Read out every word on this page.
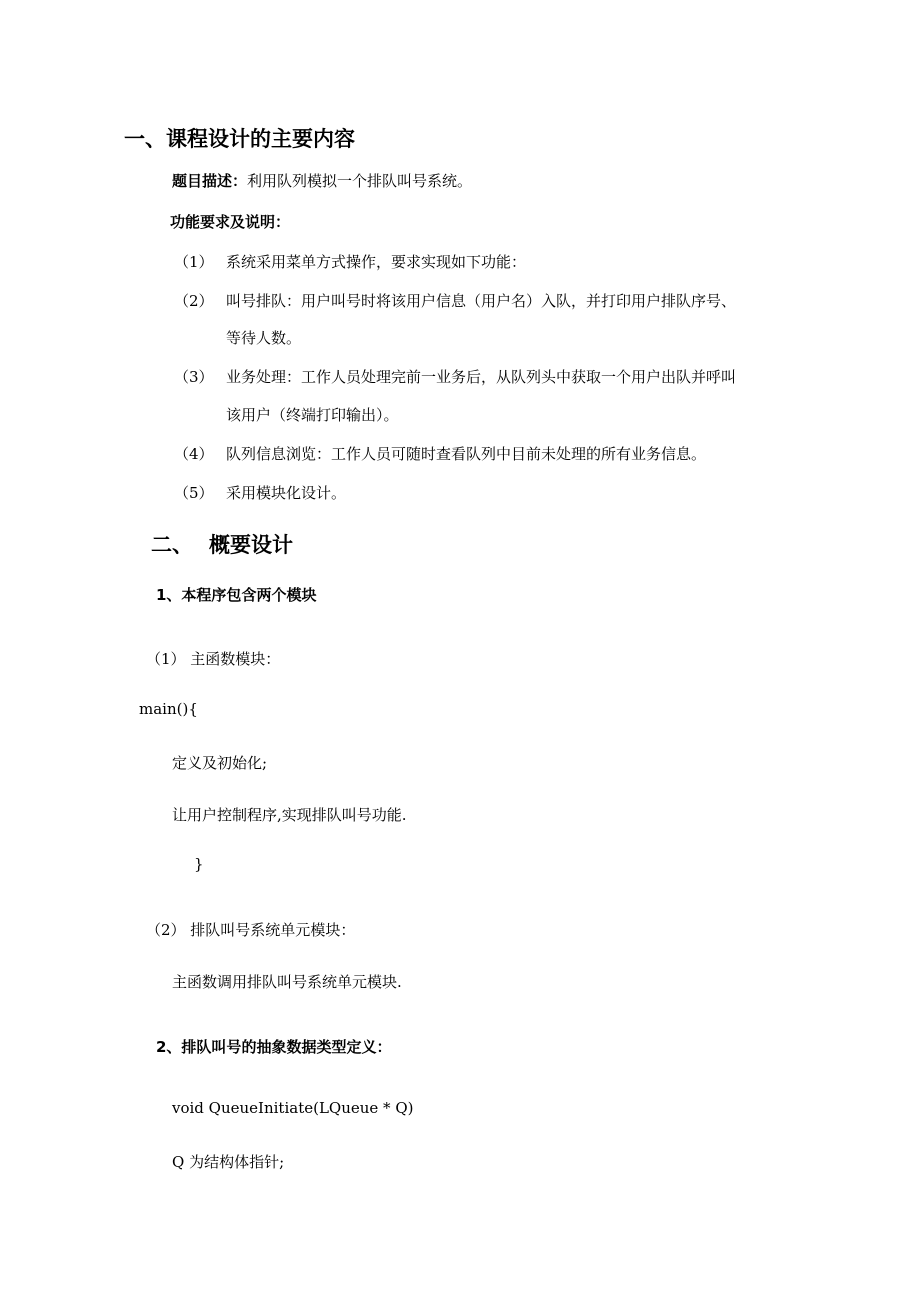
一、课程设计的主要内容
题目描述：利用队列模拟一个排队叫号系统。
功能要求及说明：
（1） 系统采用菜单方式操作，要求实现如下功能：
（2） 叫号排队：用户叫号时将该用户信息（用户名）入队，并打印用户排队序号、
等待人数。
（3） 业务处理：工作人员处理完前一业务后，从队列头中获取一个用户出队并呼叫
该用户（终端打印输出）。
（4） 队列信息浏览：工作人员可随时查看队列中目前未处理的所有业务信息。
（5） 采用模块化设计。
二、 概要设计
1、本程序包含两个模块
（1） 主函数模块：
main(){
定义及初始化;
让用户控制程序,实现排队叫号功能.
}
（2） 排队叫号系统单元模块：
主函数调用排队叫号系统单元模块.
2、排队叫号的抽象数据类型定义：
void QueueInitiate(LQueue * Q)
Q 为结构体指针;
